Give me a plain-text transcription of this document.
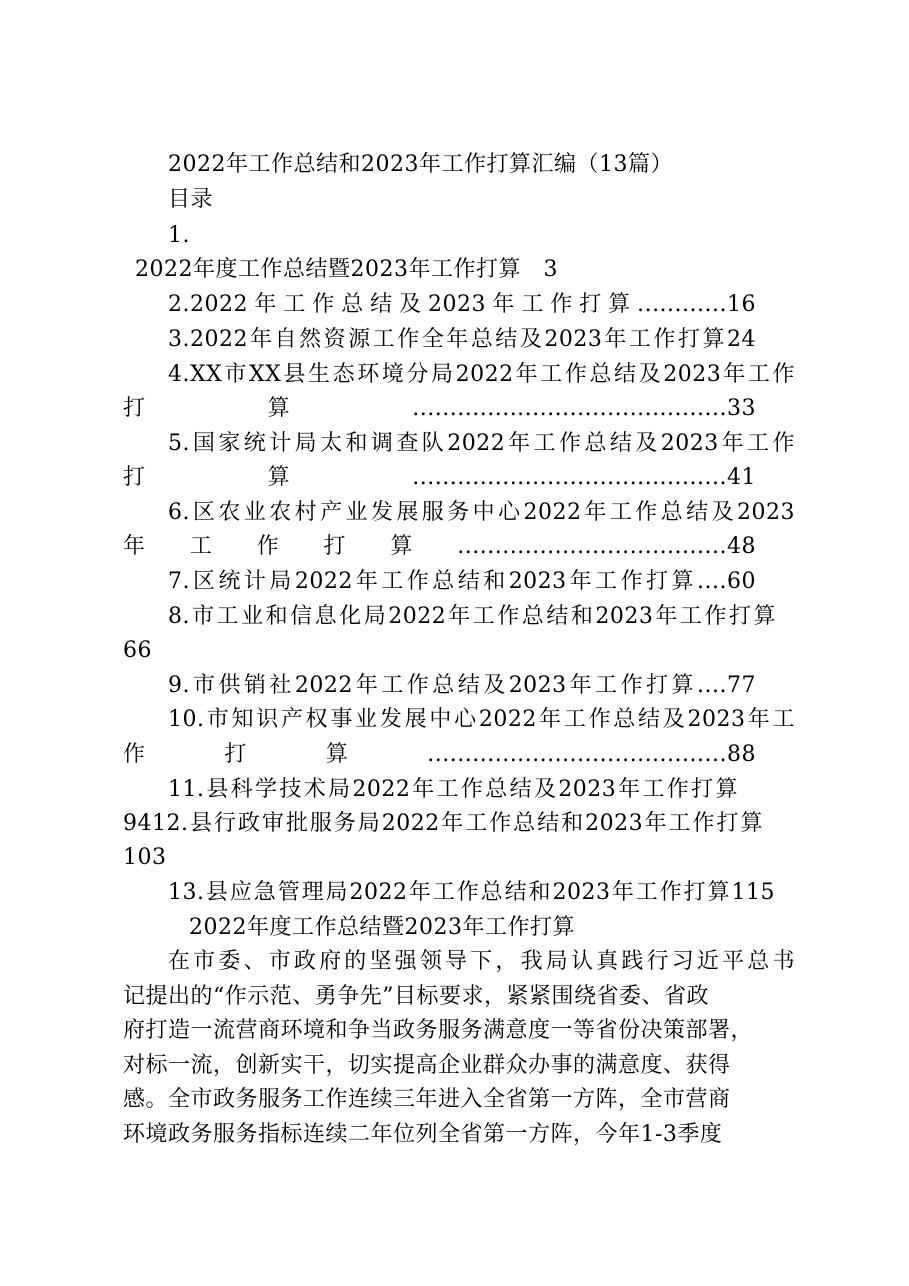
2022年工作总结和2023年工作打算汇编（13篇）
目录
1.
2022年度工作总结暨2023年工作打算　3
2.2022年工作总结及2023年工作打算............16
3.2022年自然资源工作全年总结及2023年工作打算24
4.XX市XX县生态环境分局2022年工作总结及2023年工作
打算..........................................33
5.国家统计局太和调查队2022年工作总结及2023年工作
打算..........................................41
6.区农业农村产业发展服务中心2022年工作总结及2023
年工作打算....................................48
7.区统计局2022年工作总结和2023年工作打算....60
8.市工业和信息化局2022年工作总结和2023年工作打算
66
9.市供销社2022年工作总结及2023年工作打算....77
10.市知识产权事业发展中心2022年工作总结及2023年工
作打算........................................88
11.县科学技术局2022年工作总结及2023年工作打算
9412.县行政审批服务局2022年工作总结和2023年工作打算
103
13.县应急管理局2022年工作总结和2023年工作打算115
2022年度工作总结暨2023年工作打算
在市委、市政府的坚强领导下，我局认真践行习近平总书
记提出的“作示范、勇争先”目标要求，紧紧围绕省委、省政
府打造一流营商环境和争当政务服务满意度一等省份决策部署，
对标一流，创新实干，切实提高企业群众办事的满意度、获得
感。全市政务服务工作连续三年进入全省第一方阵，全市营商
环境政务服务指标连续二年位列全省第一方阵，今年1-3季度
